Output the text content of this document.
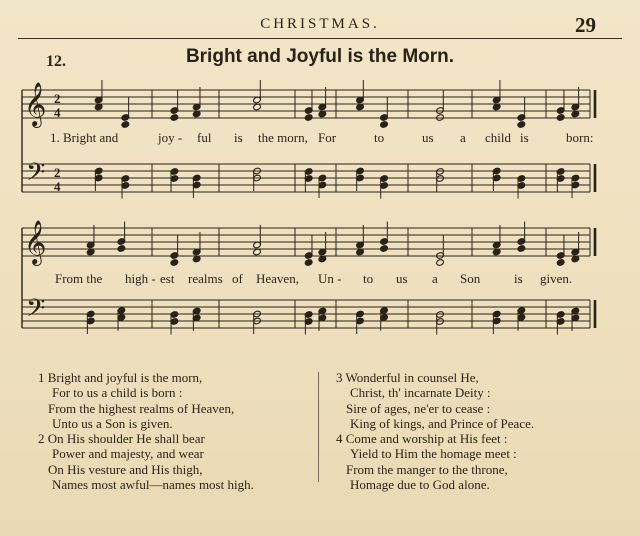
CHRISTMAS.	29
12.	Bright and Joyful is the Morn.
𝄞
𝄢
2
4
2
4
𝄞
𝄢
1. Bright and	joy - ful is the morn, For	to	us a child is	born:
From the high - est realms of Heaven, Un - to us a Son	is given.
1 Bright and joyful is the morn,
For to us a child is born :
From the highest realms of Heaven,
Unto us a Son is given.
2 On His shoulder He shall bear
Power and majesty, and wear
On His vesture and His thigh,
Names most awful—names most high.
3 Wonderful in counsel He,
Christ, th' incarnate Deity :
Sire of ages, ne'er to cease :
King of kings, and Prince of Peace.
4 Come and worship at His feet :
Yield to Him the homage meet :
From the manger to the throne,
Homage due to God alone.
